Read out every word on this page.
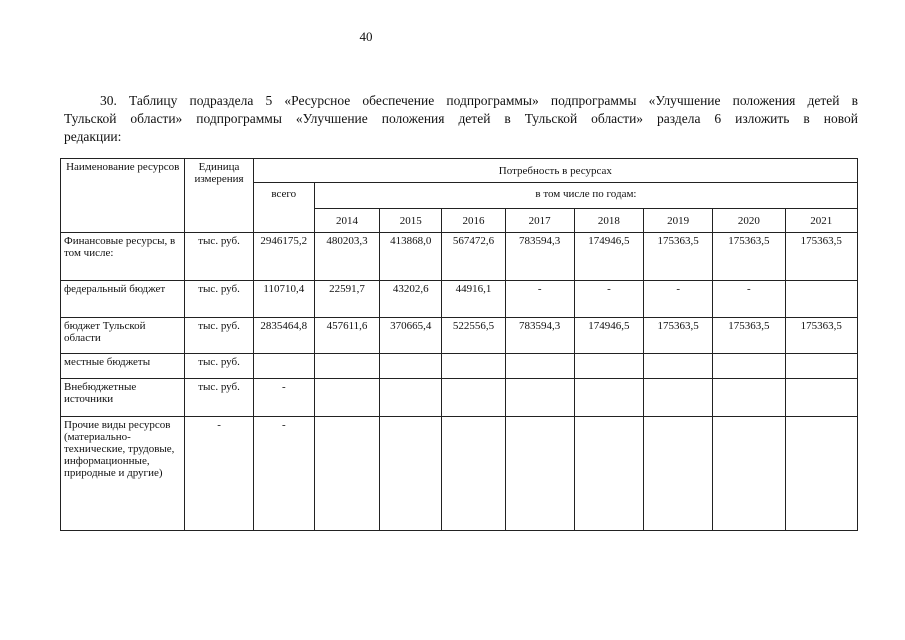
40
30. Таблицу подраздела 5 «Ресурсное обеспечение подпрограммы» подпрограммы «Улучшение положения детей в
Тульской области» подпрограммы «Улучшение положения детей в Тульской области» раздела 6 изложить в новой
редакции:
Наименование ресурсов	Единица измерения	Потребность в ресурсах								
		всего	в том числе по годам:							
			2014	2015	2016	2017	2018	2019	2020	2021
Финансовые ресурсы, в том числе:	тыс. руб.	2946175,2	480203,3	413868,0	567472,6	783594,3	174946,5	175363,5	175363,5	175363,5
федеральный бюджет	тыс. руб.	110710,4	22591,7	43202,6	44916,1	-	-	-	-	
бюджет Тульской области	тыс. руб.	2835464,8	457611,6	370665,4	522556,5	783594,3	174946,5	175363,5	175363,5	175363,5
местные бюджеты	тыс. руб.									
Внебюджетные источники	тыс. руб.	-								
Прочие виды ресурсов (материально-технические, трудовые, информационные, природные и другие)	-	-								
